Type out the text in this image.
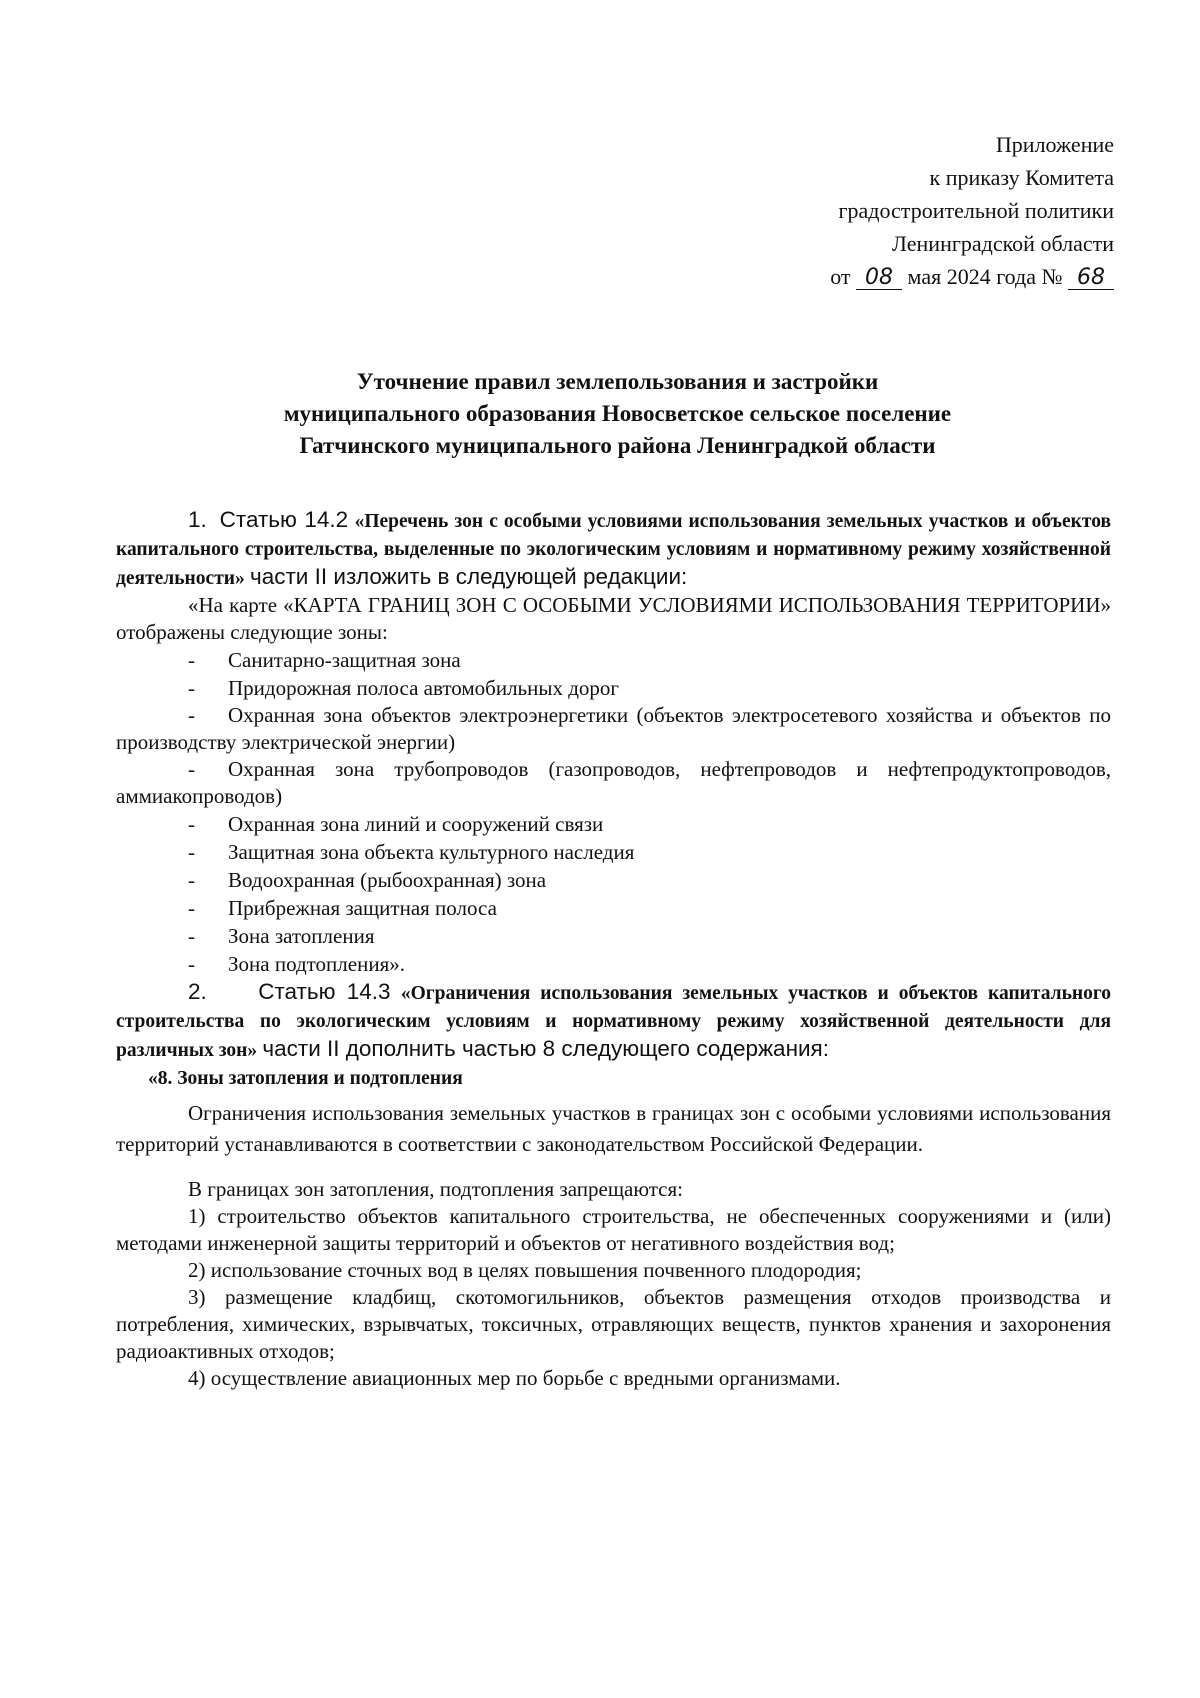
Приложение
к приказу Комитета
градостроительной политики
Ленинградской области
от 08 мая 2024 года № 68
Уточнение правил землепользования и застройки
муниципального образования Новосветское сельское поселение
Гатчинского муниципального района Ленинградкой области

1. Статью 14.2 «Перечень зон с особыми условиями использования земельных участков и объектов капитального строительства, выделенные по экологическим условиям и нормативному режиму хозяйственной деятельности» части II изложить в следующей редакции:

«На карте «КАРТА ГРАНИЦ ЗОН С ОСОБЫМИ УСЛОВИЯМИ ИСПОЛЬЗОВАНИЯ ТЕРРИТОРИИ» отображены следующие зоны:

-	Санитарно-защитная зона
-	Придорожная полоса автомобильных дорог

- Охранная зона объектов электроэнергетики (объектов электросетевого хозяйства и объектов по производству электрической энергии)

- Охранная зона трубопроводов (газопроводов, нефтепроводов и нефтепродуктопроводов, аммиакопроводов)

-	Охранная зона линий и сооружений связи
-	Защитная зона объекта культурного наследия
-	Водоохранная (рыбоохранная) зона
-	Прибрежная защитная полоса
-	Зона затопления
-	Зона подтопления».

2. Статью 14.3 «Ограничения использования земельных участков и объектов капитального строительства по экологическим условиям и нормативному режиму хозяйственной деятельности для различных зон» части II дополнить частью 8 следующего содержания:

«8. Зоны затопления и подтопления

Ограничения использования земельных участков в границах зон с особыми условиями использования территорий устанавливаются в соответствии с законодательством Российской Федерации.

В границах зон затопления, подтопления запрещаются:

1) строительство объектов капитального строительства, не обеспеченных сооружениями и (или) методами инженерной защиты территорий и объектов от негативного воздействия вод;

2) использование сточных вод в целях повышения почвенного плодородия;

3) размещение кладбищ, скотомогильников, объектов размещения отходов производства и потребления, химических, взрывчатых, токсичных, отравляющих веществ, пунктов хранения и захоронения радиоактивных отходов;

4) осуществление авиационных мер по борьбе с вредными организмами.
